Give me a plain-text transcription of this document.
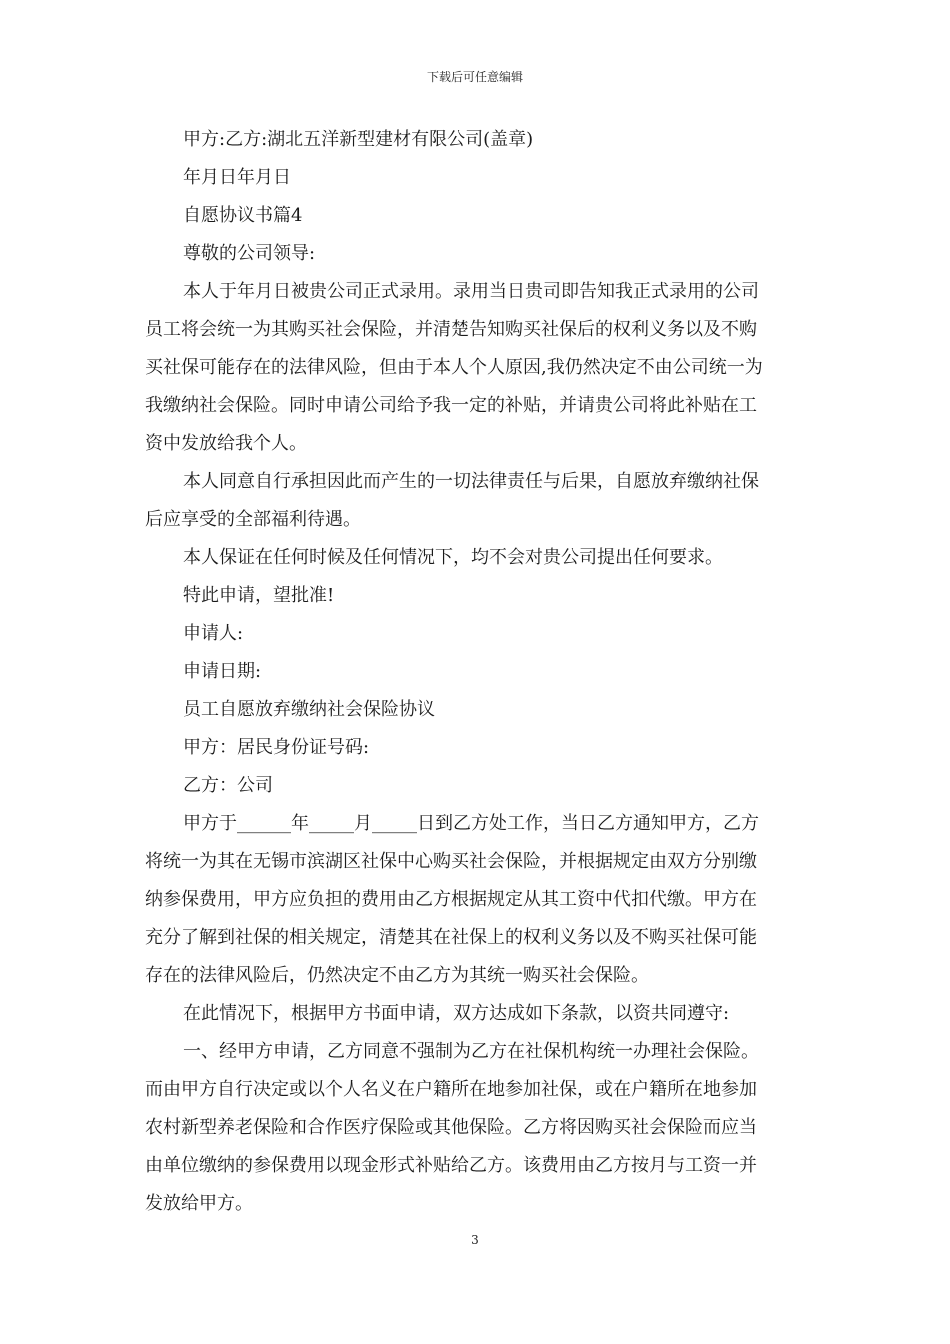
下载后可任意编辑
甲方:乙方:湖北五洋新型建材有限公司(盖章)
年月日年月日
自愿协议书篇4
尊敬的公司领导:
本人于年月日被贵公司正式录用。录用当日贵司即告知我正式录用的公司
员工将会统一为其购买社会保险，并清楚告知购买社保后的权利义务以及不购
买社保可能存在的法律风险，但由于本人个人原因,我仍然决定不由公司统一为
我缴纳社会保险。同时申请公司给予我一定的补贴，并请贵公司将此补贴在工
资中发放给我个人。
本人同意自行承担因此而产生的一切法律责任与后果，自愿放弃缴纳社保
后应享受的全部福利待遇。
本人保证在任何时候及任何情况下，均不会对贵公司提出任何要求。
特此申请，望批准!
申请人:
申请日期:
员工自愿放弃缴纳社会保险协议
甲方：居民身份证号码:
乙方：公司
甲方于______年_____月_____日到乙方处工作，当日乙方通知甲方，乙方
将统一为其在无锡市滨湖区社保中心购买社会保险，并根据规定由双方分别缴
纳参保费用，甲方应负担的费用由乙方根据规定从其工资中代扣代缴。甲方在
充分了解到社保的相关规定，清楚其在社保上的权利义务以及不购买社保可能
存在的法律风险后，仍然决定不由乙方为其统一购买社会保险。
在此情况下，根据甲方书面申请，双方达成如下条款，以资共同遵守:
一、经甲方申请，乙方同意不强制为乙方在社保机构统一办理社会保险。
而由甲方自行决定或以个人名义在户籍所在地参加社保，或在户籍所在地参加
农村新型养老保险和合作医疗保险或其他保险。乙方将因购买社会保险而应当
由单位缴纳的参保费用以现金形式补贴给乙方。该费用由乙方按月与工资一并
发放给甲方。
3
